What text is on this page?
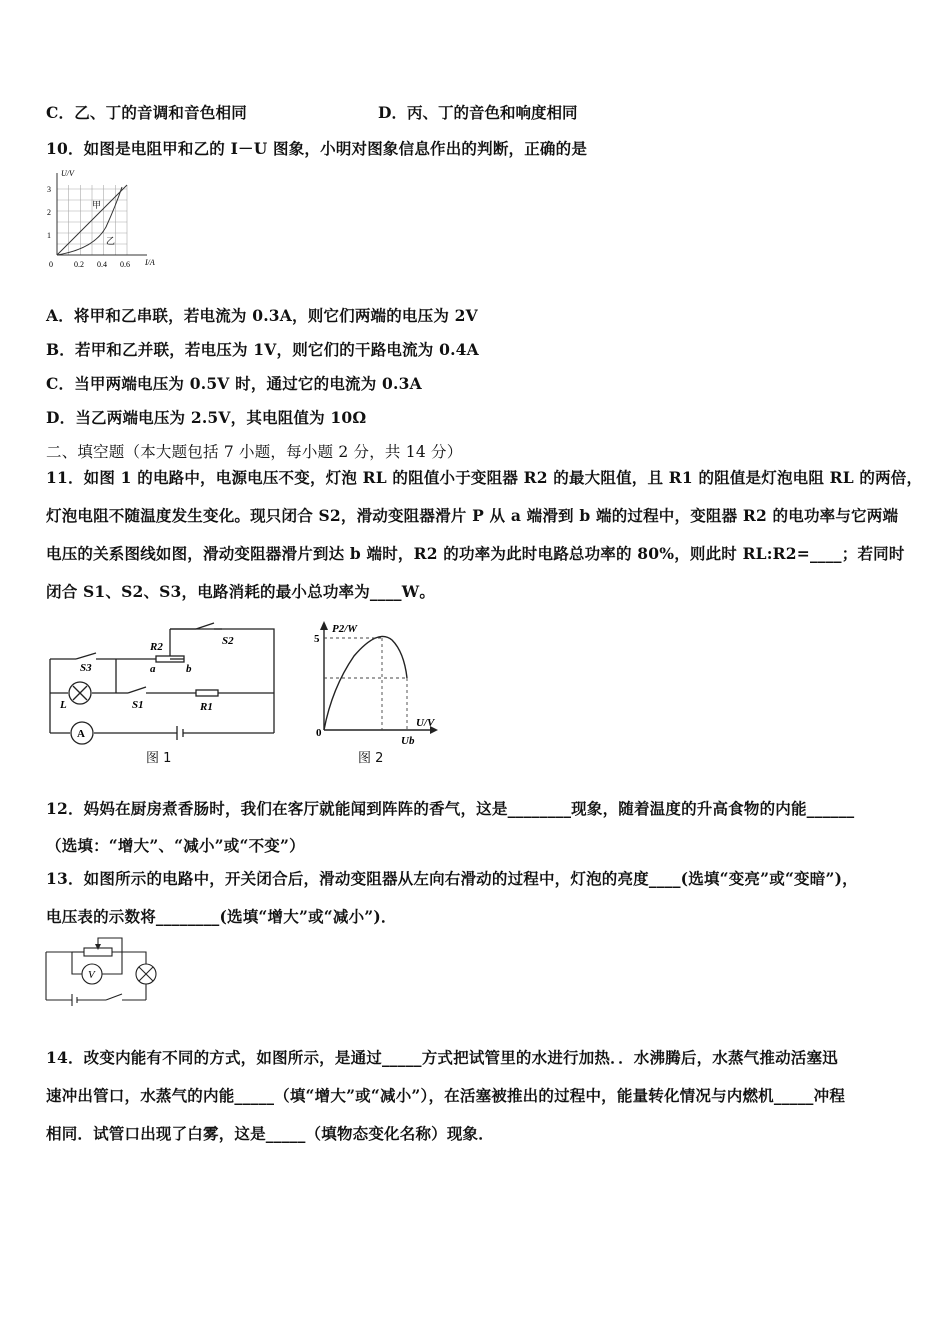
C．乙、丁的音调和音色相同	D．丙、丁的音色和响度相同
10．如图是电阻甲和乙的 I－U 图象，小明对图象信息作出的判断，正确的是
U/V
I/A
3
2
1
0	0.2 0.4 0.6
甲
乙
A．将甲和乙串联，若电流为 0.3A，则它们两端的电压为 2V
B．若甲和乙并联，若电压为 1V，则它们的干路电流为 0.4A
C．当甲两端电压为 0.5V 时，通过它的电流为 0.3A
D．当乙两端电压为 2.5V，其电阻值为 10Ω
二、填空题（本大题包括 7 小题，每小题 2 分，共 14 分）
11．如图 1 的电路中，电源电压不变，灯泡 RL 的阻值小于变阻器 R2 的最大阻值，且 R1 的阻值是灯泡电阻 RL 的两倍，
灯泡电阻不随温度发生变化。现只闭合 S2，滑动变阻器滑片 P 从 a 端滑到 b 端的过程中，变阻器 R2 的电功率与它两端
电压的关系图线如图，滑动变阻器滑片到达 b 端时，R2 的功率为此时电路总功率的 80%，则此时 RL:R2=____；若同时
闭合 S1、S2、S3，电路消耗的最小总功率为____W。
R2	S2
S3	a	b
L	S1	R1
A
图 1
P2/W
5
0
U/V
Ub
图 2
12．妈妈在厨房煮香肠时，我们在客厅就能闻到阵阵的香气，这是________现象，随着温度的升高食物的内能______
（选填：“增大”、“减小”或“不变”）
13．如图所示的电路中，开关闭合后，滑动变阻器从左向右滑动的过程中，灯泡的亮度____(选填“变亮”或“变暗”)，
电压表的示数将________(选填“增大”或“减小”)．
V
14．改变内能有不同的方式，如图所示，是通过_____方式把试管里的水进行加热．．水沸腾后，水蒸气推动活塞迅
速冲出管口，水蒸气的内能_____（填“增大”或“减小”），在活塞被推出的过程中，能量转化情况与内燃机_____冲程
相同．试管口出现了白雾，这是_____（填物态变化名称）现象．
